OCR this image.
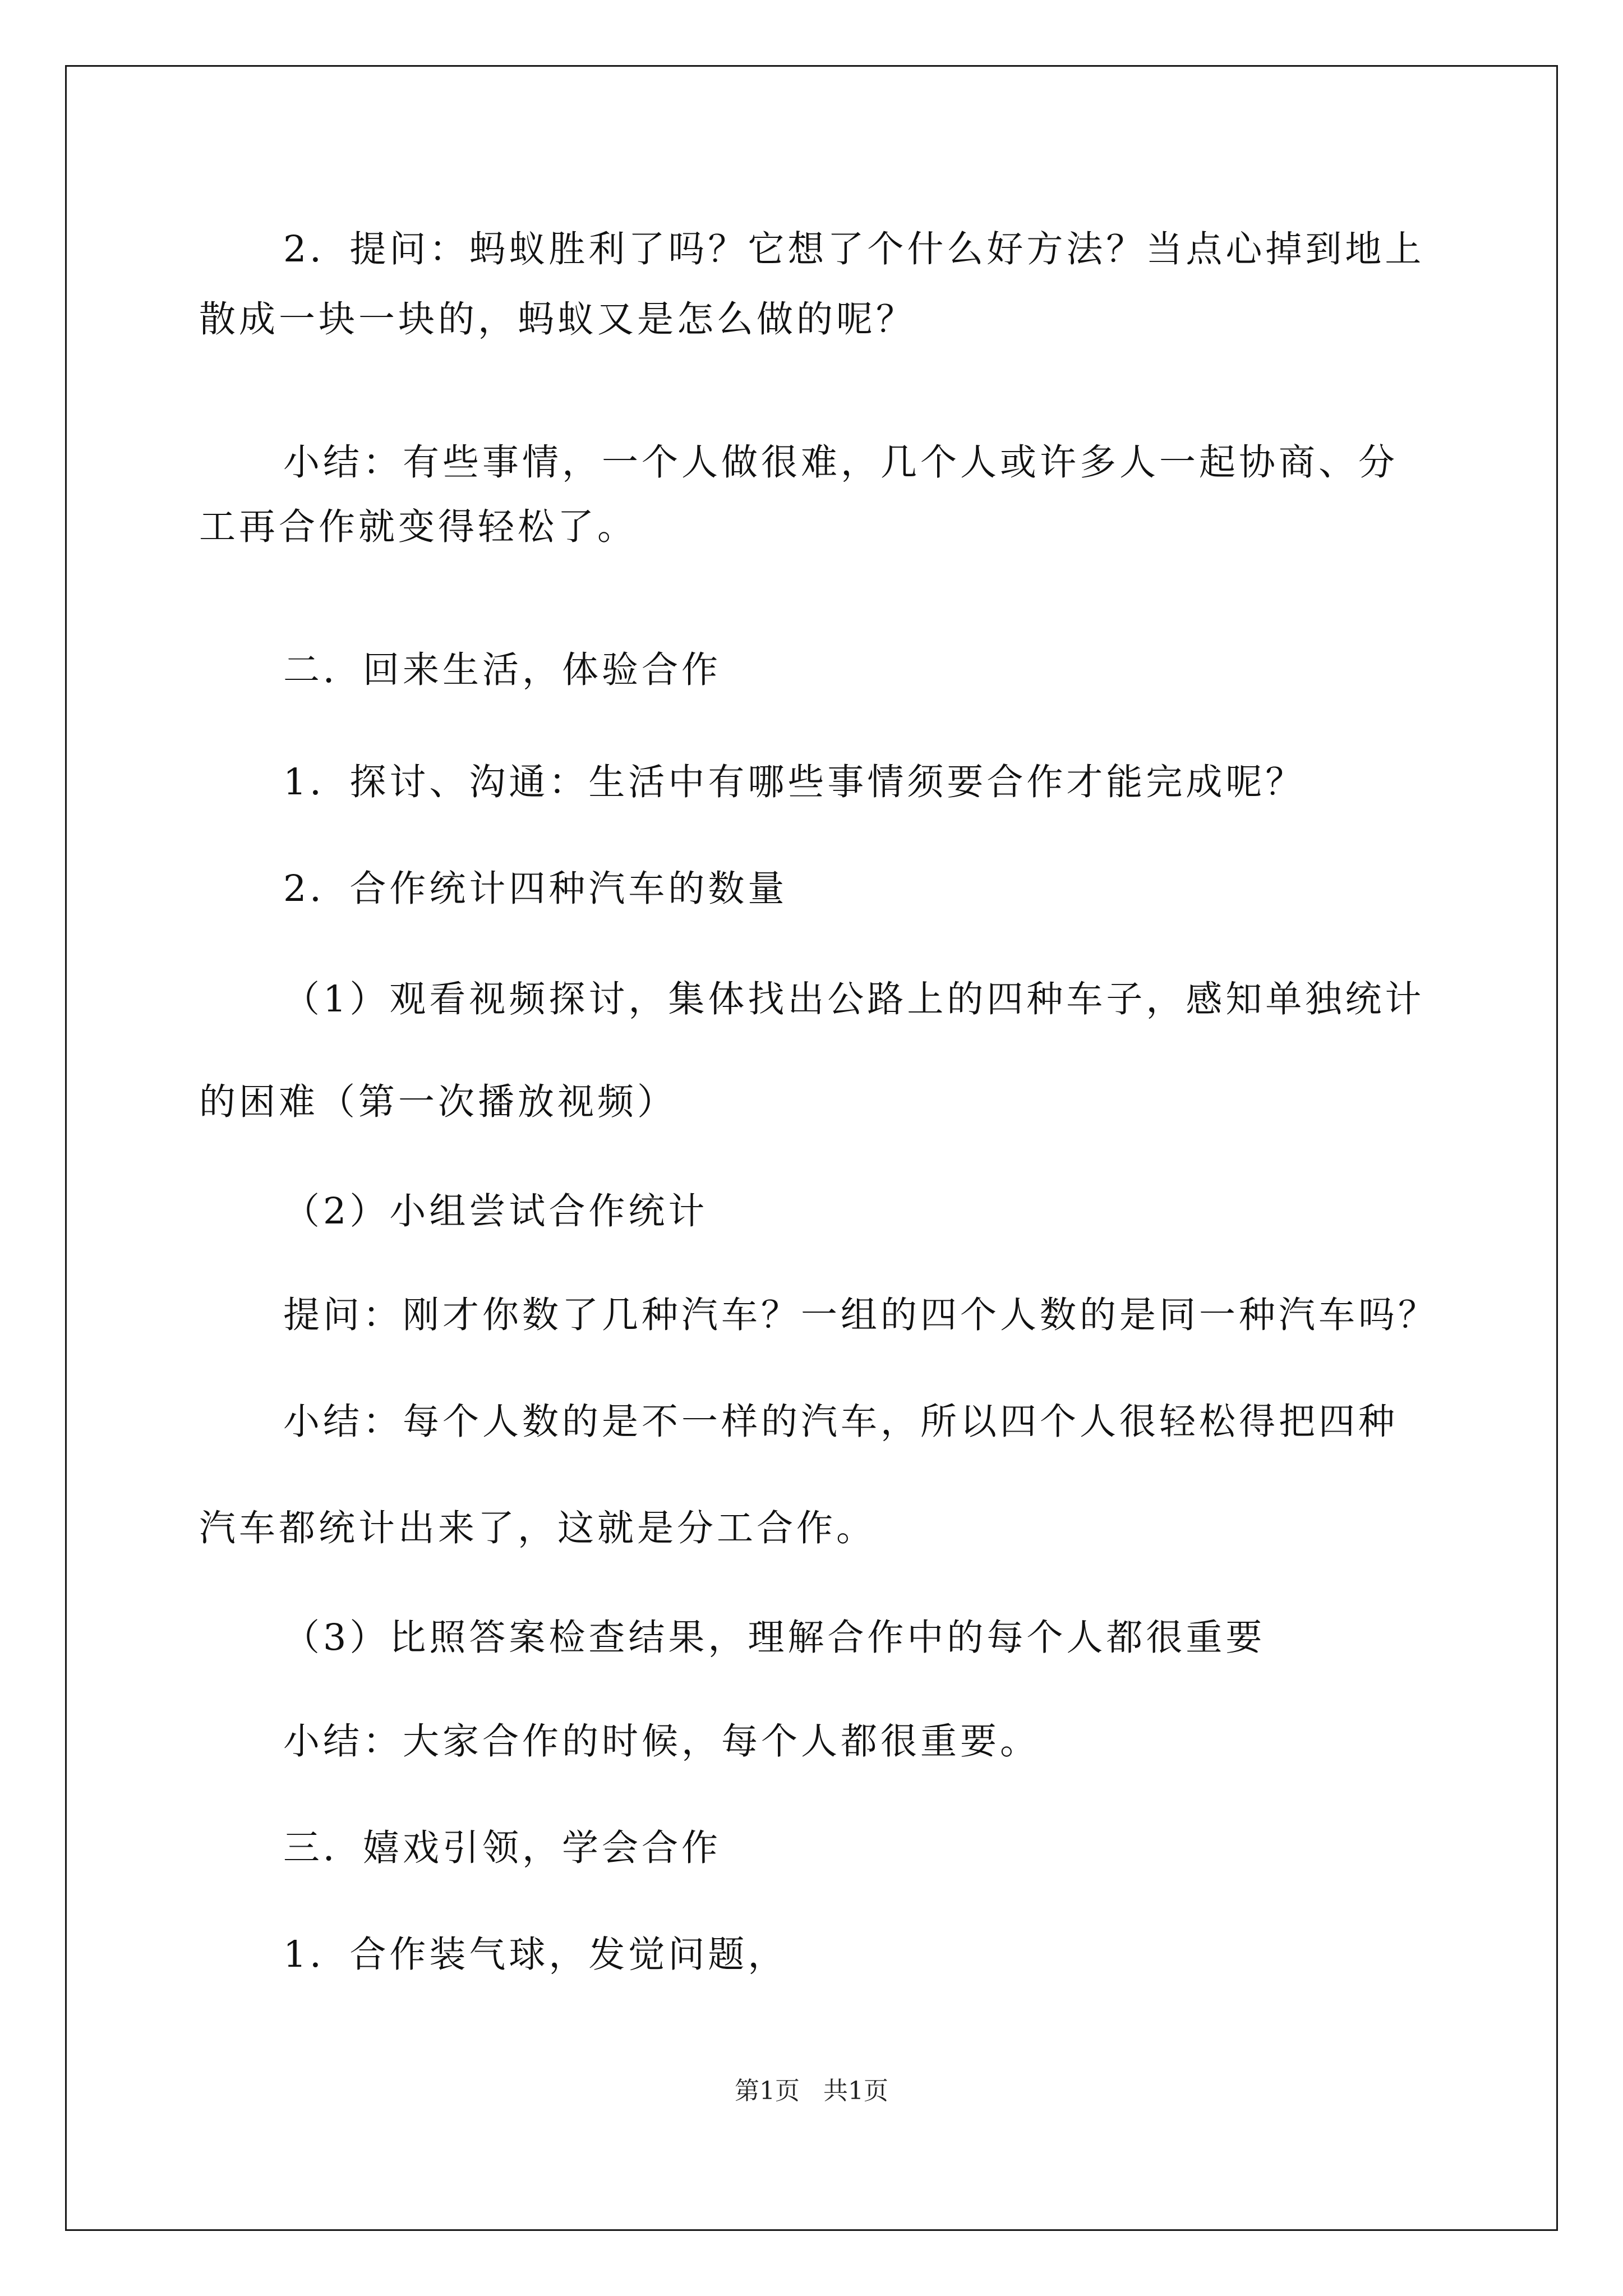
2．提问：蚂蚁胜利了吗？它想了个什么好方法？当点心掉到地上
散成一块一块的，蚂蚁又是怎么做的呢？
小结：有些事情，一个人做很难，几个人或许多人一起协商、分
工再合作就变得轻松了。
二．回来生活，体验合作
1．探讨、沟通：生活中有哪些事情须要合作才能完成呢？
2．合作统计四种汽车的数量
（1）观看视频探讨，集体找出公路上的四种车子，感知单独统计
的困难（第一次播放视频）
（2）小组尝试合作统计
提问：刚才你数了几种汽车？一组的四个人数的是同一种汽车吗？
小结：每个人数的是不一样的汽车，所以四个人很轻松得把四种
汽车都统计出来了，这就是分工合作。
（3）比照答案检查结果，理解合作中的每个人都很重要
小结：大家合作的时候，每个人都很重要。
三．嬉戏引领，学会合作
1．合作装气球，发觉问题，
第1页   共1页
